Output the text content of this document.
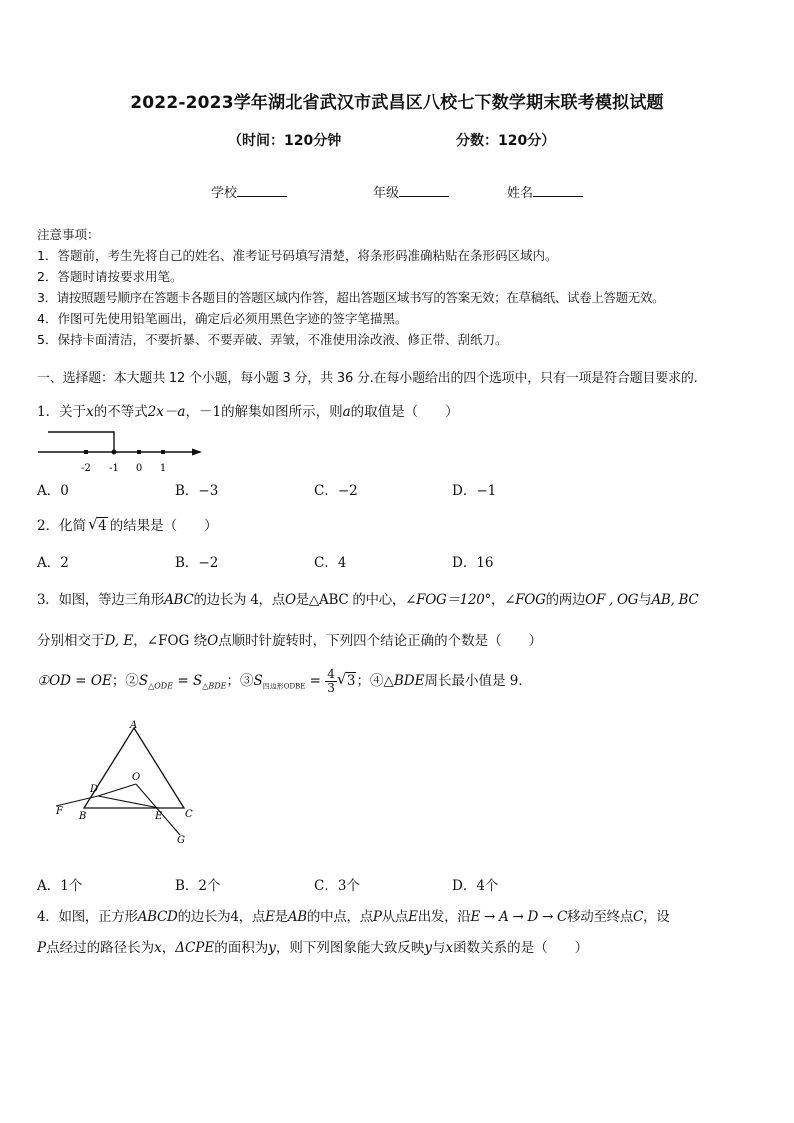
2022-2023学年湖北省武汉市武昌区八校七下数学期末联考模拟试题
（时间：120分钟	分数：120分）
学校	年级	姓名
注意事项：
1．答题前，考生先将自己的姓名、准考证号码填写清楚，将条形码准确粘贴在条形码区域内。
2．答题时请按要求用笔。
3．请按照题号顺序在答题卡各题目的答题区域内作答，超出答题区域书写的答案无效；在草稿纸、试卷上答题无效。
4．作图可先使用铅笔画出，确定后必须用黑色字迹的签字笔描黑。
5．保持卡面清洁，不要折暴、不要弄破、弄皱，不准使用涂改液、修正带、刮纸刀。
一、选择题：本大题共 12 个小题，每小题 3 分，共 36 分.在每小题给出的四个选项中，只有一项是符合题目要求的.
1．关于x的不等式2x－a，－1的解集如图所示，则a的取值是（　　）
-2 -1 0 1
A．0	B．−3	C．−2	D．−1
2．化简 √ 4 的结果是（　　）
A．2	B．−2	C．4	D．16
3．如图，等边三角形ABC的边长为 4，点O是△ABC 的中心，∠FOG＝120°，∠FOG的两边OF , OG与AB, BC
分别相交于D, E，∠FOG 绕O点顺时针旋转时，下列四个结论正确的个数是（　　）
①OD = OE；$②S_{\triangle ODE} = S_{\triangle BDE}$；$③S_{四边形ODBE} = \frac{4}{3}$ √ 3；④△BDE周长最小值是 9．
A
B	C
D
E
F
G
O
A．1个	B．2个	C．3个	D．4个
4．如图，正方形ABCD的边长为4，点E是AB的中点，点P从点E出发，沿E → A → D → C移动至终点C，设
P点经过的路径长为x，ΔCPE的面积为y，则下列图象能大致反映y与x函数关系的是（　　）
